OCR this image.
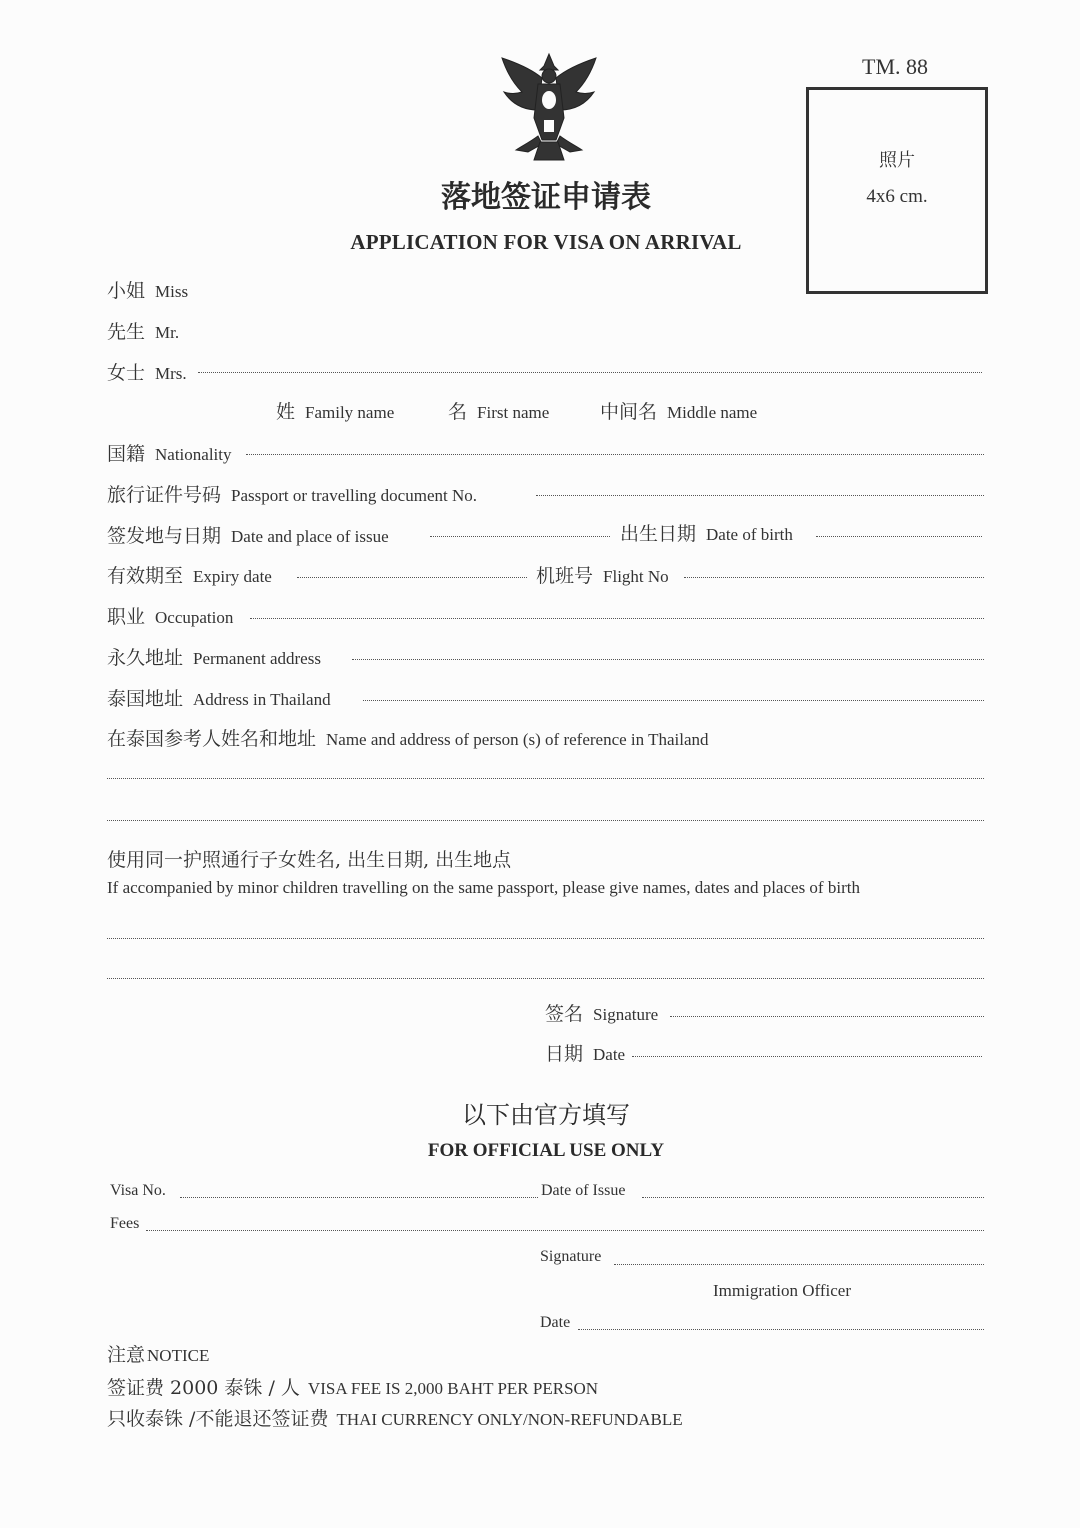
TM. 88
照片
4x6 cm.
落地签证申请表
APPLICATION FOR VISA ON ARRIVAL
小姐 Miss
先生 Mr.
女士 Mrs.
姓 Family name	名 First name	中间名 Middle name
国籍 Nationality
旅行证件号码 Passport or travelling document No.
签发地与日期 Date and place of issue	出生日期 Date of birth
有效期至 Expiry date	机班号 Flight No
职业 Occupation
永久地址 Permanent address
泰国地址 Address in Thailand
在泰国参考人姓名和地址 Name and address of person (s) of reference in Thailand
使用同一护照通行子女姓名, 出生日期, 出生地点
If accompanied by minor children travelling on the same passport, please give names, dates and places of birth
签名 Signature
日期 Date
以下由官方填写
FOR OFFICIAL USE ONLY
Visa No.	Date of Issue
Fees
Signature
Immigration Officer
Date
注意 NOTICE
签证费 2000 泰铢 / 人 VISA FEE IS 2,000 BAHT PER PERSON
只收泰铢 /不能退还签证费 THAI CURRENCY ONLY/NON-REFUNDABLE
